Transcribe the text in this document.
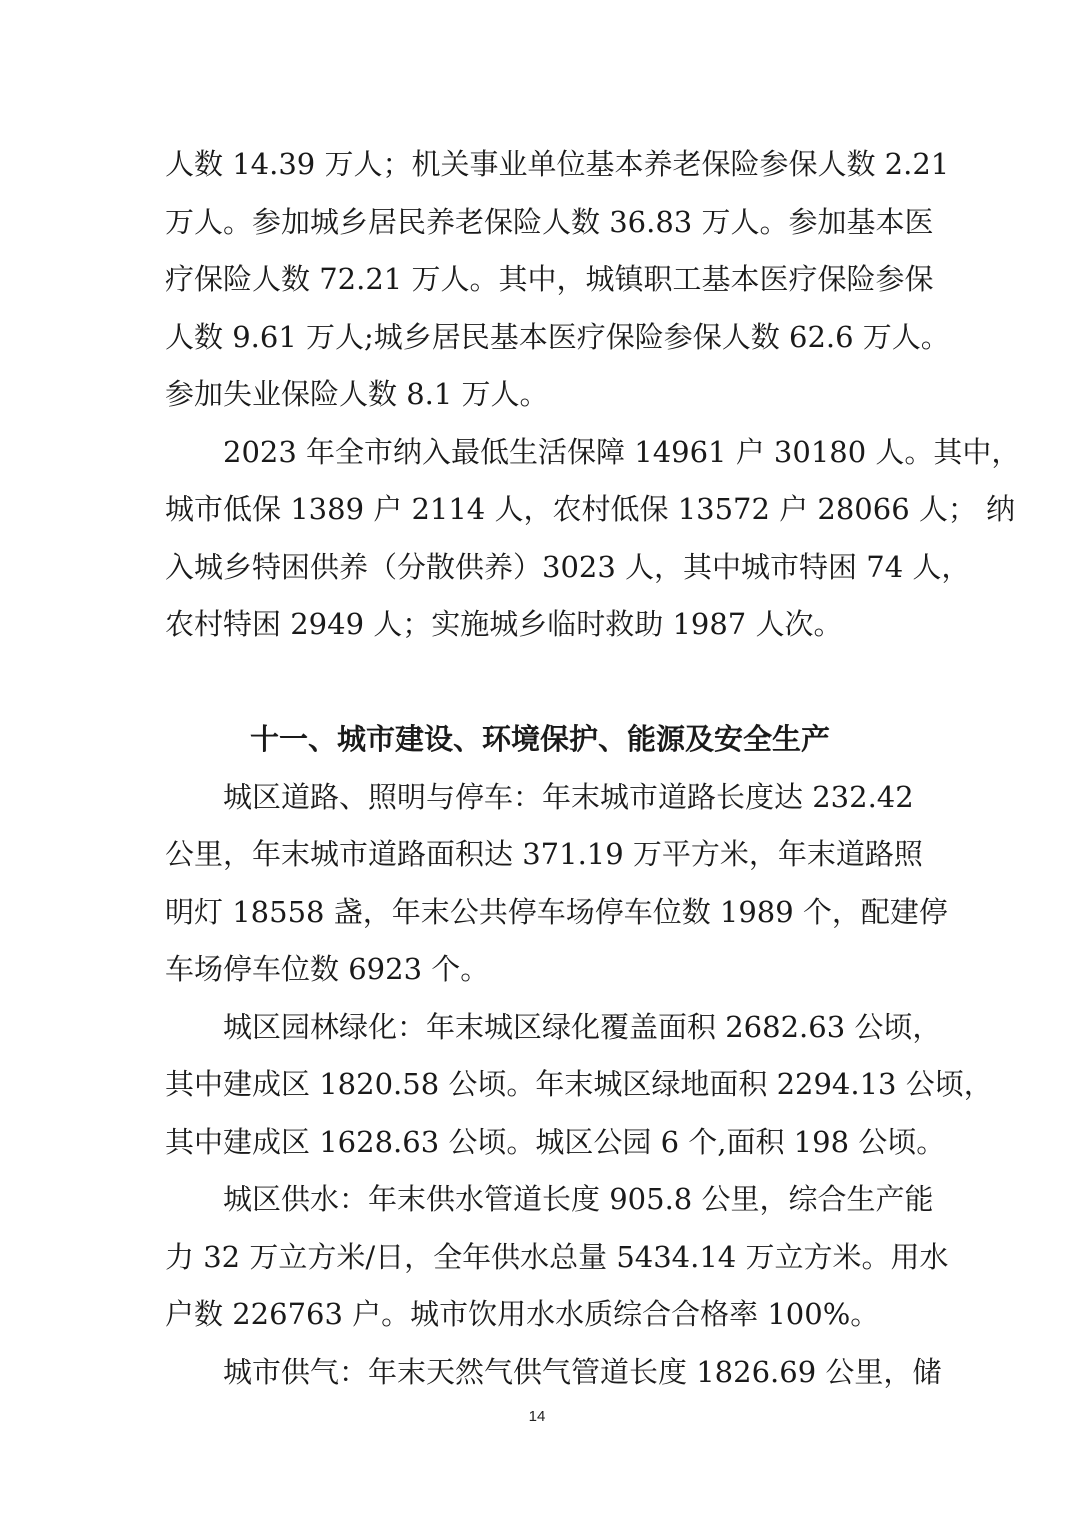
人数 14.39 万人；机关事业单位基本养老保险参保人数 2.21
万人。参加城乡居民养老保险人数 36.83 万人。参加基本医
疗保险人数 72.21 万人。其中，城镇职工基本医疗保险参保
人数 9.61 万人;城乡居民基本医疗保险参保人数 62.6 万人。
参加失业保险人数 8.1 万人。
2023 年全市纳入最低生活保障 14961 户 30180 人。其中，
城市低保 1389 户 2114 人，农村低保 13572 户 28066 人； 纳
入城乡特困供养（分散供养）3023 人，其中城市特困 74 人，
农村特困 2949 人；实施城乡临时救助 1987 人次。
十一、城市建设、环境保护、能源及安全生产
城区道路、照明与停车：年末城市道路长度达 232.42
公里，年末城市道路面积达 371.19 万平方米，年末道路照
明灯 18558 盏，年末公共停车场停车位数 1989 个，配建停
车场停车位数 6923 个。
城区园林绿化：年末城区绿化覆盖面积 2682.63 公顷，
其中建成区 1820.58 公顷。年末城区绿地面积 2294.13 公顷，
其中建成区 1628.63 公顷。城区公园 6 个,面积 198 公顷。
城区供水：年末供水管道长度 905.8 公里，综合生产能
力 32 万立方米/日，全年供水总量 5434.14 万立方米。用水
户数 226763 户。城市饮用水水质综合合格率 100%。
城市供气：年末天然气供气管道长度 1826.69 公里，储
14
